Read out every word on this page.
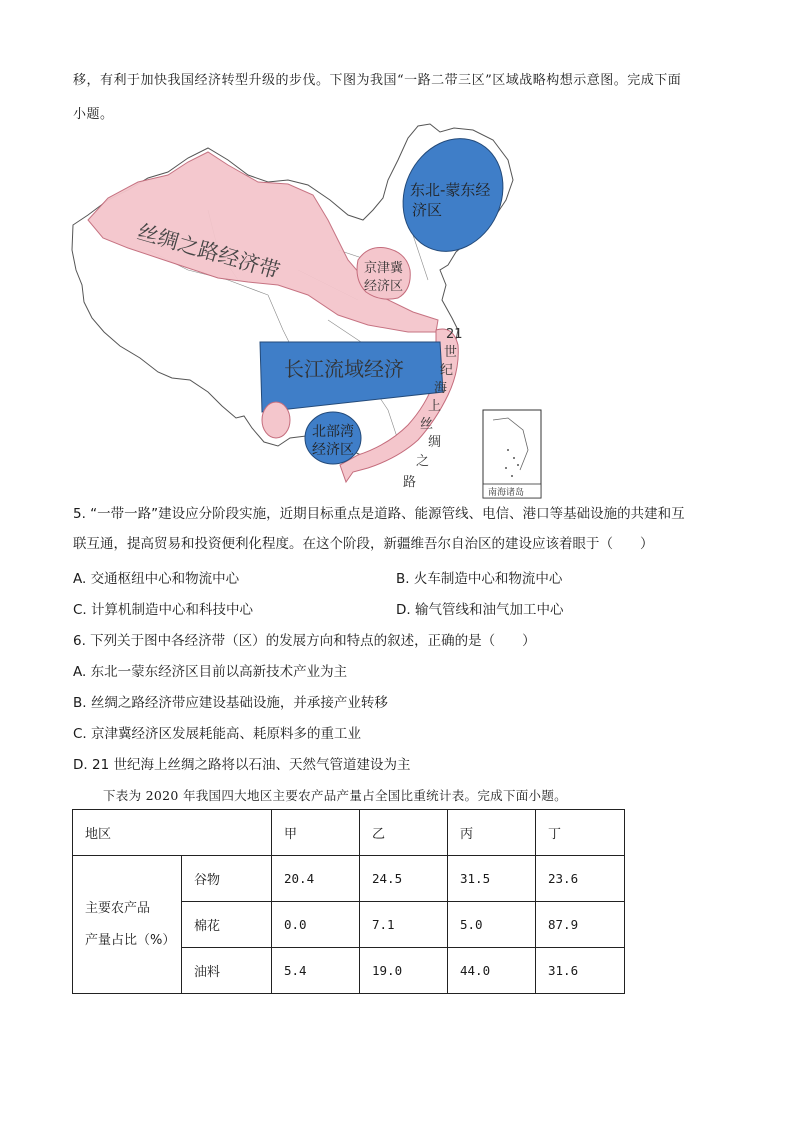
移，有利于加快我国经济转型升级的步伐。下图为我国“一路二带三区”区域战略构想示意图。完成下面
小题。
丝绸之路经济带
东北-蒙东经
济区
京津冀
经济区
长江流域经济
北部湾
经济区
21
世
纪
海
上
丝
绸
之
路
南海诸岛
5. “一带一路”建设应分阶段实施，近期目标重点是道路、能源管线、电信、港口等基础设施的共建和互
联互通，提高贸易和投资便利化程度。在这个阶段，新疆维吾尔自治区的建设应该着眼于（　　）
A. 交通枢纽中心和物流中心	B. 火车制造中心和物流中心
C. 计算机制造中心和科技中心	D. 输气管线和油气加工中心
6. 下列关于图中各经济带（区）的发展方向和特点的叙述，正确的是（　　）
A. 东北一蒙东经济区目前以高新技术产业为主
B. 丝绸之路经济带应建设基础设施，并承接产业转移
C. 京津冀经济区发展耗能高、耗原料多的重工业
D. 21 世纪海上丝绸之路将以石油、天然气管道建设为主
下表为 2020 年我国四大地区主要农产品产量占全国比重统计表。完成下面小题。
地区		甲	乙	丙	丁

主要农产品
产量占比（%）	谷物	20.4	24.5	31.5	23.6
	棉花	0.0	7.1	5.0	87.9
	油料	5.4	19.0	44.0	31.6
